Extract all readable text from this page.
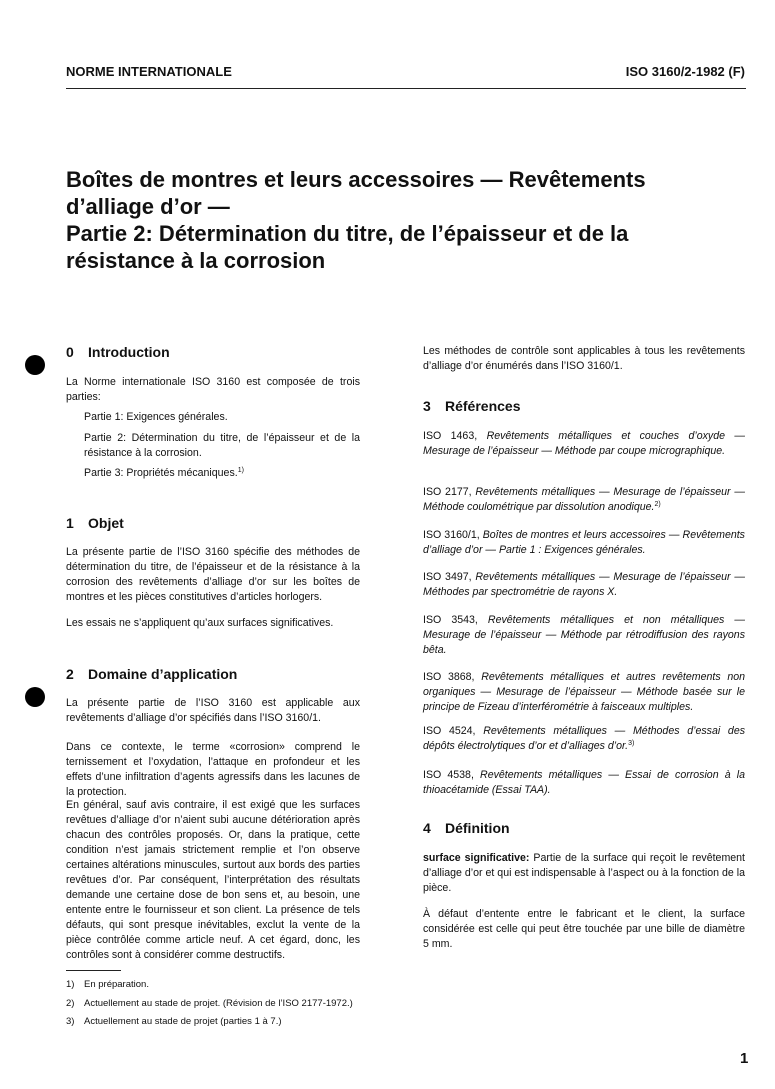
NORME INTERNATIONALE	ISO 3160/2-1982 (F)
Boîtes de montres et leurs accessoires — Revêtements
d’alliage d’or —
Partie 2: Détermination du titre, de l’épaisseur et de la
résistance à la corrosion
0 Introduction
La Norme internationale ISO 3160 est composée de trois parties:
Partie 1: Exigences générales.
Partie 2: Détermination du titre, de l’épaisseur et de la résistance à la corrosion.
Partie 3: Propriétés mécaniques.$^{1)}$
1 Objet
La présente partie de l’ISO 3160 spécifie des méthodes de détermination du titre, de l’épaisseur et de la résistance à la corrosion des revêtements d’alliage d’or sur les boîtes de montres et les pièces constitutives d’articles horlogers.
Les essais ne s’appliquent qu’aux surfaces significatives.
2 Domaine d’application
La présente partie de l’ISO 3160 est applicable aux revêtements d’alliage d’or spécifiés dans l’ISO 3160/1.
Dans ce contexte, le terme «corrosion» comprend le ternissement et l’oxydation, l’attaque en profondeur et les effets d’une infiltration d’agents agressifs dans les lacunes de la protection.
En général, sauf avis contraire, il est exigé que les surfaces revêtues d’alliage d’or n’aient subi aucune détérioration après chacun des contrôles proposés. Or, dans la pratique, cette condition n’est jamais strictement remplie et l’on observe certaines altérations minuscules, surtout aux bords des parties revêtues d’or. Par conséquent, l’interprétation des résultats demande une certaine dose de bon sens et, au besoin, une entente entre le fournisseur et son client. La présence de tels défauts, qui sont presque inévitables, exclut la vente de la pièce contrôlée comme article neuf. A cet égard, donc, les contrôles sont à considérer comme destructifs.
1) En préparation.
2) Actuellement au stade de projet. (Révision de l’ISO 2177-1972.)
3) Actuellement au stade de projet (parties 1 à 7.)
Les méthodes de contrôle sont applicables à tous les revêtements d’alliage d’or énumérés dans l’ISO 3160/1.
3 Références
ISO 1463, Revêtements métalliques et couches d’oxyde — Mesurage de l’épaisseur — Méthode par coupe micrographique.
ISO 2177, Revêtements métalliques — Mesurage de l’épaisseur — Méthode coulométrique par dissolution anodique.$^{2)}$
ISO 3160/1, Boîtes de montres et leurs accessoires — Revêtements d’alliage d’or — Partie 1 : Exigences générales.
ISO 3497, Revêtements métalliques — Mesurage de l’épaisseur — Méthodes par spectrométrie de rayons X.
ISO 3543, Revêtements métalliques et non métalliques — Mesurage de l’épaisseur — Méthode par rétrodiffusion des rayons bêta.
ISO 3868, Revêtements métalliques et autres revêtements non organiques — Mesurage de l’épaisseur — Méthode basée sur le principe de Fizeau d’interférométrie à faisceaux multiples.
ISO 4524, Revêtements métalliques — Méthodes d’essai des dépôts électrolytiques d’or et d’alliages d’or.$^{3)}$
ISO 4538, Revêtements métalliques — Essai de corrosion à la thioacétamide (Essai TAA).
4 Définition
surface significative: Partie de la surface qui reçoit le revêtement d’alliage d’or et qui est indispensable à l’aspect ou à la fonction de la pièce.
À défaut d’entente entre le fabricant et le client, la surface considérée est celle qui peut être touchée par une bille de diamètre 5 mm.
1
